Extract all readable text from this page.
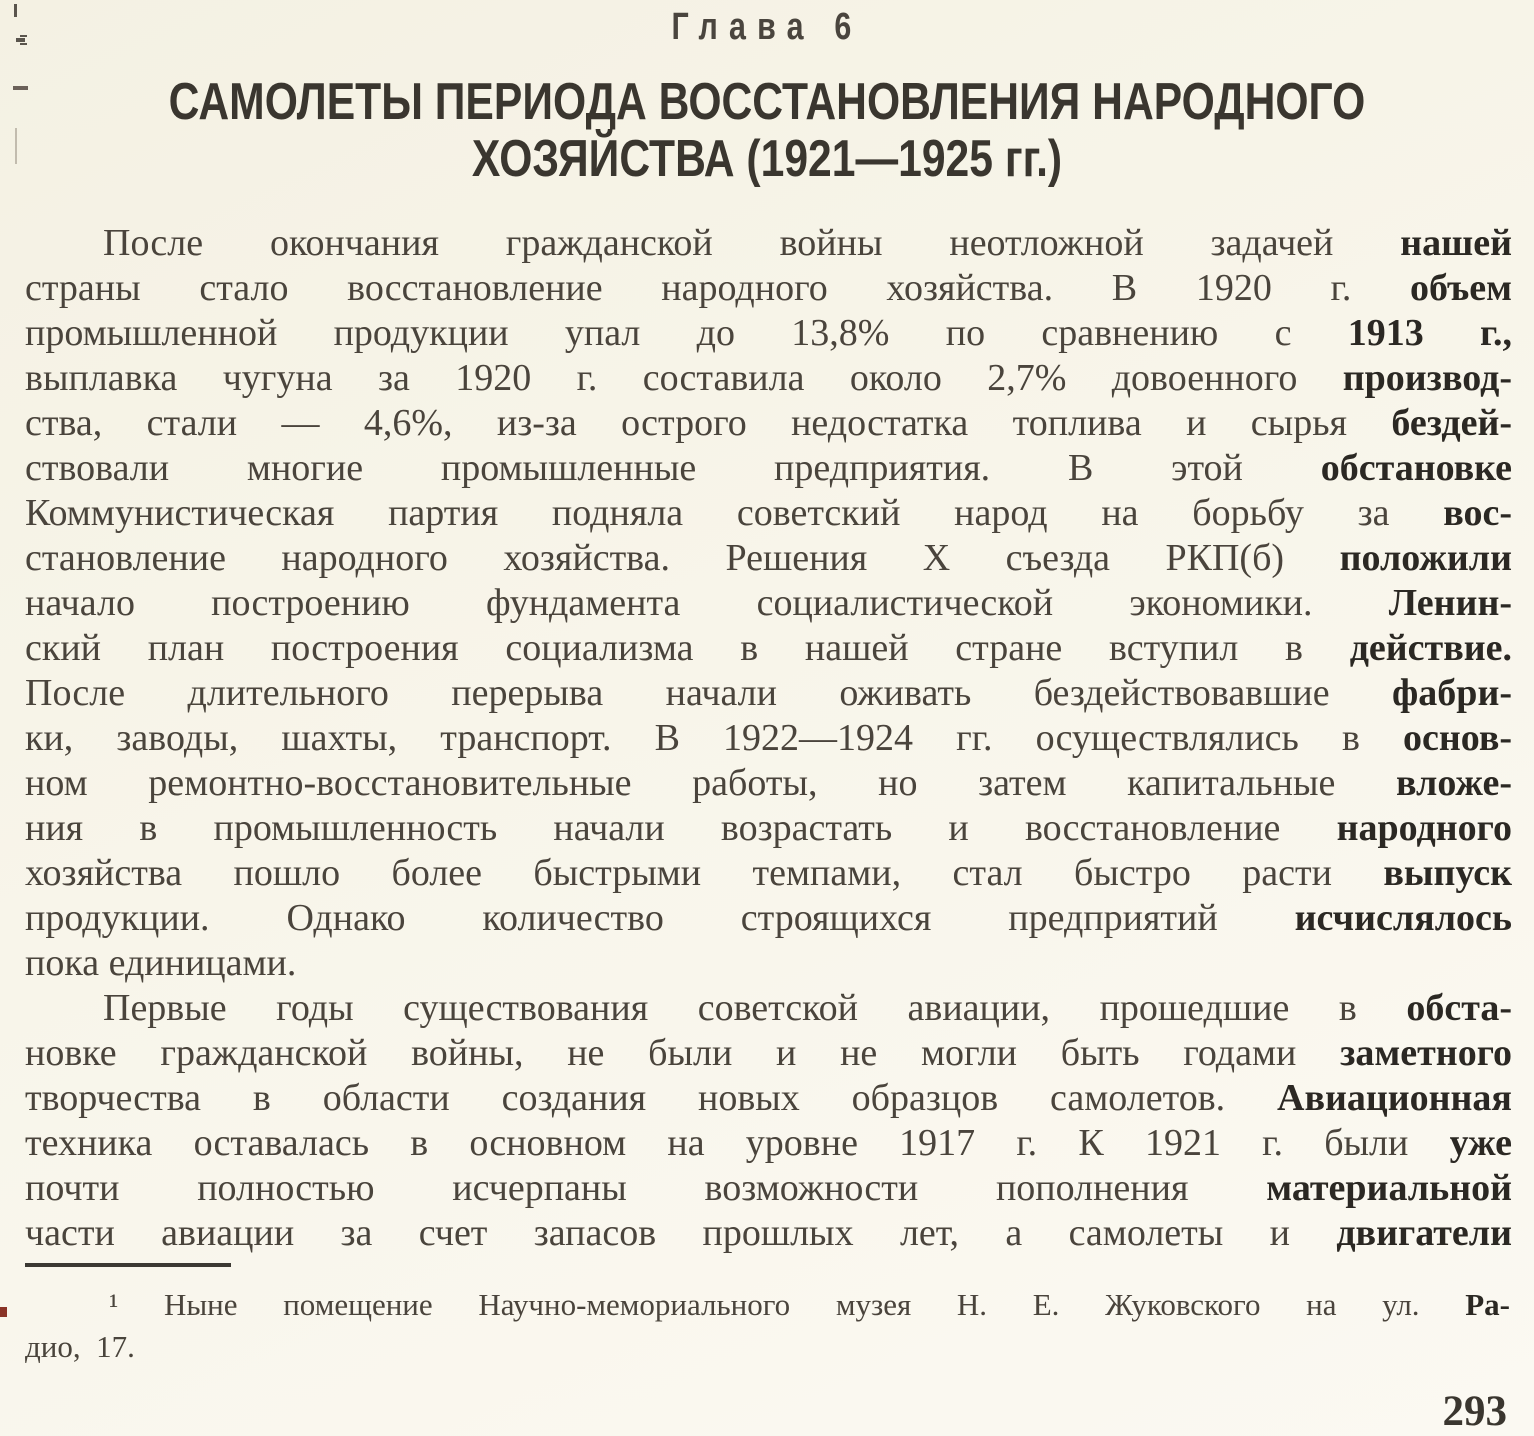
Глава 6
САМОЛЕТЫ ПЕРИОДА ВОССТАНОВЛЕНИЯ НАРОДНОГО
ХОЗЯЙСТВА (1921—1925 гг.)
После окончания гражданской войны неотложной задачей нашей
страны стало восстановление народного хозяйства. В 1920 г. объем
промышленной продукции упал до 13,8% по сравнению с 1913 г.,
выплавка чугуна за 1920 г. составила около 2,7% довоенного производ-
ства, стали — 4,6%, из-за острого недостатка топлива и сырья бездей-
ствовали многие промышленные предприятия. В этой обстановке
Коммунистическая партия подняла советский народ на борьбу за вос-
становление народного хозяйства. Решения X съезда РКП(б) положили
начало построению фундамента социалистической экономики. Ленин-
ский план построения социализма в нашей стране вступил в действие.
После длительного перерыва начали оживать бездействовавшие фабри-
ки, заводы, шахты, транспорт. В 1922—1924 гг. осуществлялись в основ-
ном ремонтно-восстановительные работы, но затем капитальные вложе-
ния в промышленность начали возрастать и восстановление народного
хозяйства пошло более быстрыми темпами, стал быстро расти выпуск
продукции. Однако количество строящихся предприятий исчислялось
пока единицами.
Первые годы существования советской авиации, прошедшие в обста-
новке гражданской войны, не были и не могли быть годами заметного
творчества в области создания новых образцов самолетов. Авиационная
техника оставалась в основном на уровне 1917 г. К 1921 г. были уже
почти полностью исчерпаны возможности пополнения материальной
части авиации за счет запасов прошлых лет, а самолеты и двигатели
¹ Ныне помещение Научно-мемориального музея Н. Е. Жуковского на ул. Ра-
дио,  17.
293
